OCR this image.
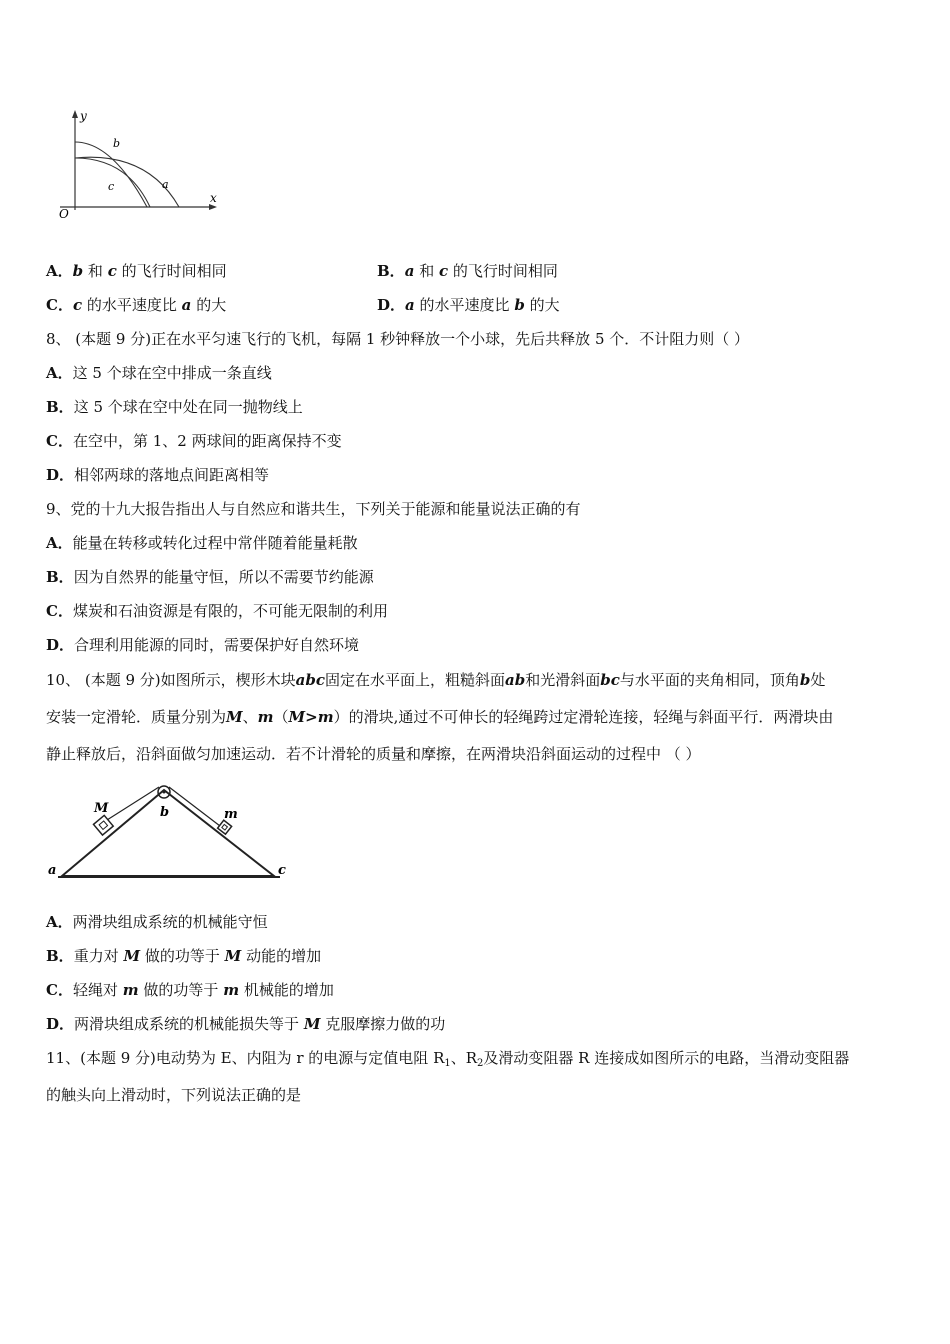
y
x
O
b
c	a
A．b 和 c 的飞行时间相同	B．a 和 c 的飞行时间相同
C．c 的水平速度比 a 的大	D．a 的水平速度比 b 的大
8、 (本题 9 分)正在水平匀速飞行的飞机，每隔 1 秒钟释放一个小球，先后共释放 5 个．不计阻力则（ ）
A．这 5 个球在空中排成一条直线
B．这 5 个球在空中处在同一抛物线上
C．在空中，第 1、2 两球间的距离保持不变
D．相邻两球的落地点间距离相等
9、党的十九大报告指出人与自然应和谐共生，下列关于能源和能量说法正确的有
A．能量在转移或转化过程中常伴随着能量耗散
B．因为自然界的能量守恒，所以不需要节约能源
C．煤炭和石油资源是有限的，不可能无限制的利用
D．合理利用能源的同时，需要保护好自然环境
10、 (本题 9 分)如图所示，楔形木块abc固定在水平面上，粗糙斜面ab和光滑斜面bc与水平面的夹角相同，顶角b处
安装一定滑轮．质量分别为M、m（M>m）的滑块,通过不可伸长的轻绳跨过定滑轮连接，轻绳与斜面平行．两滑块由
静止释放后，沿斜面做匀加速运动．若不计滑轮的质量和摩擦，在两滑块沿斜面运动的过程中 （ ）
M	m
b
a	c
A．两滑块组成系统的机械能守恒
B．重力对 M 做的功等于 M 动能的增加
C．轻绳对 m 做的功等于 m 机械能的增加
D．两滑块组成系统的机械能损失等于 M 克服摩擦力做的功
11、(本题 9 分)电动势为 E、内阻为 r 的电源与定值电阻 $R_1$、$R_2$及滑动变阻器 R 连接成如图所示的电路，当滑动变阻器
的触头向上滑动时，下列说法正确的是
